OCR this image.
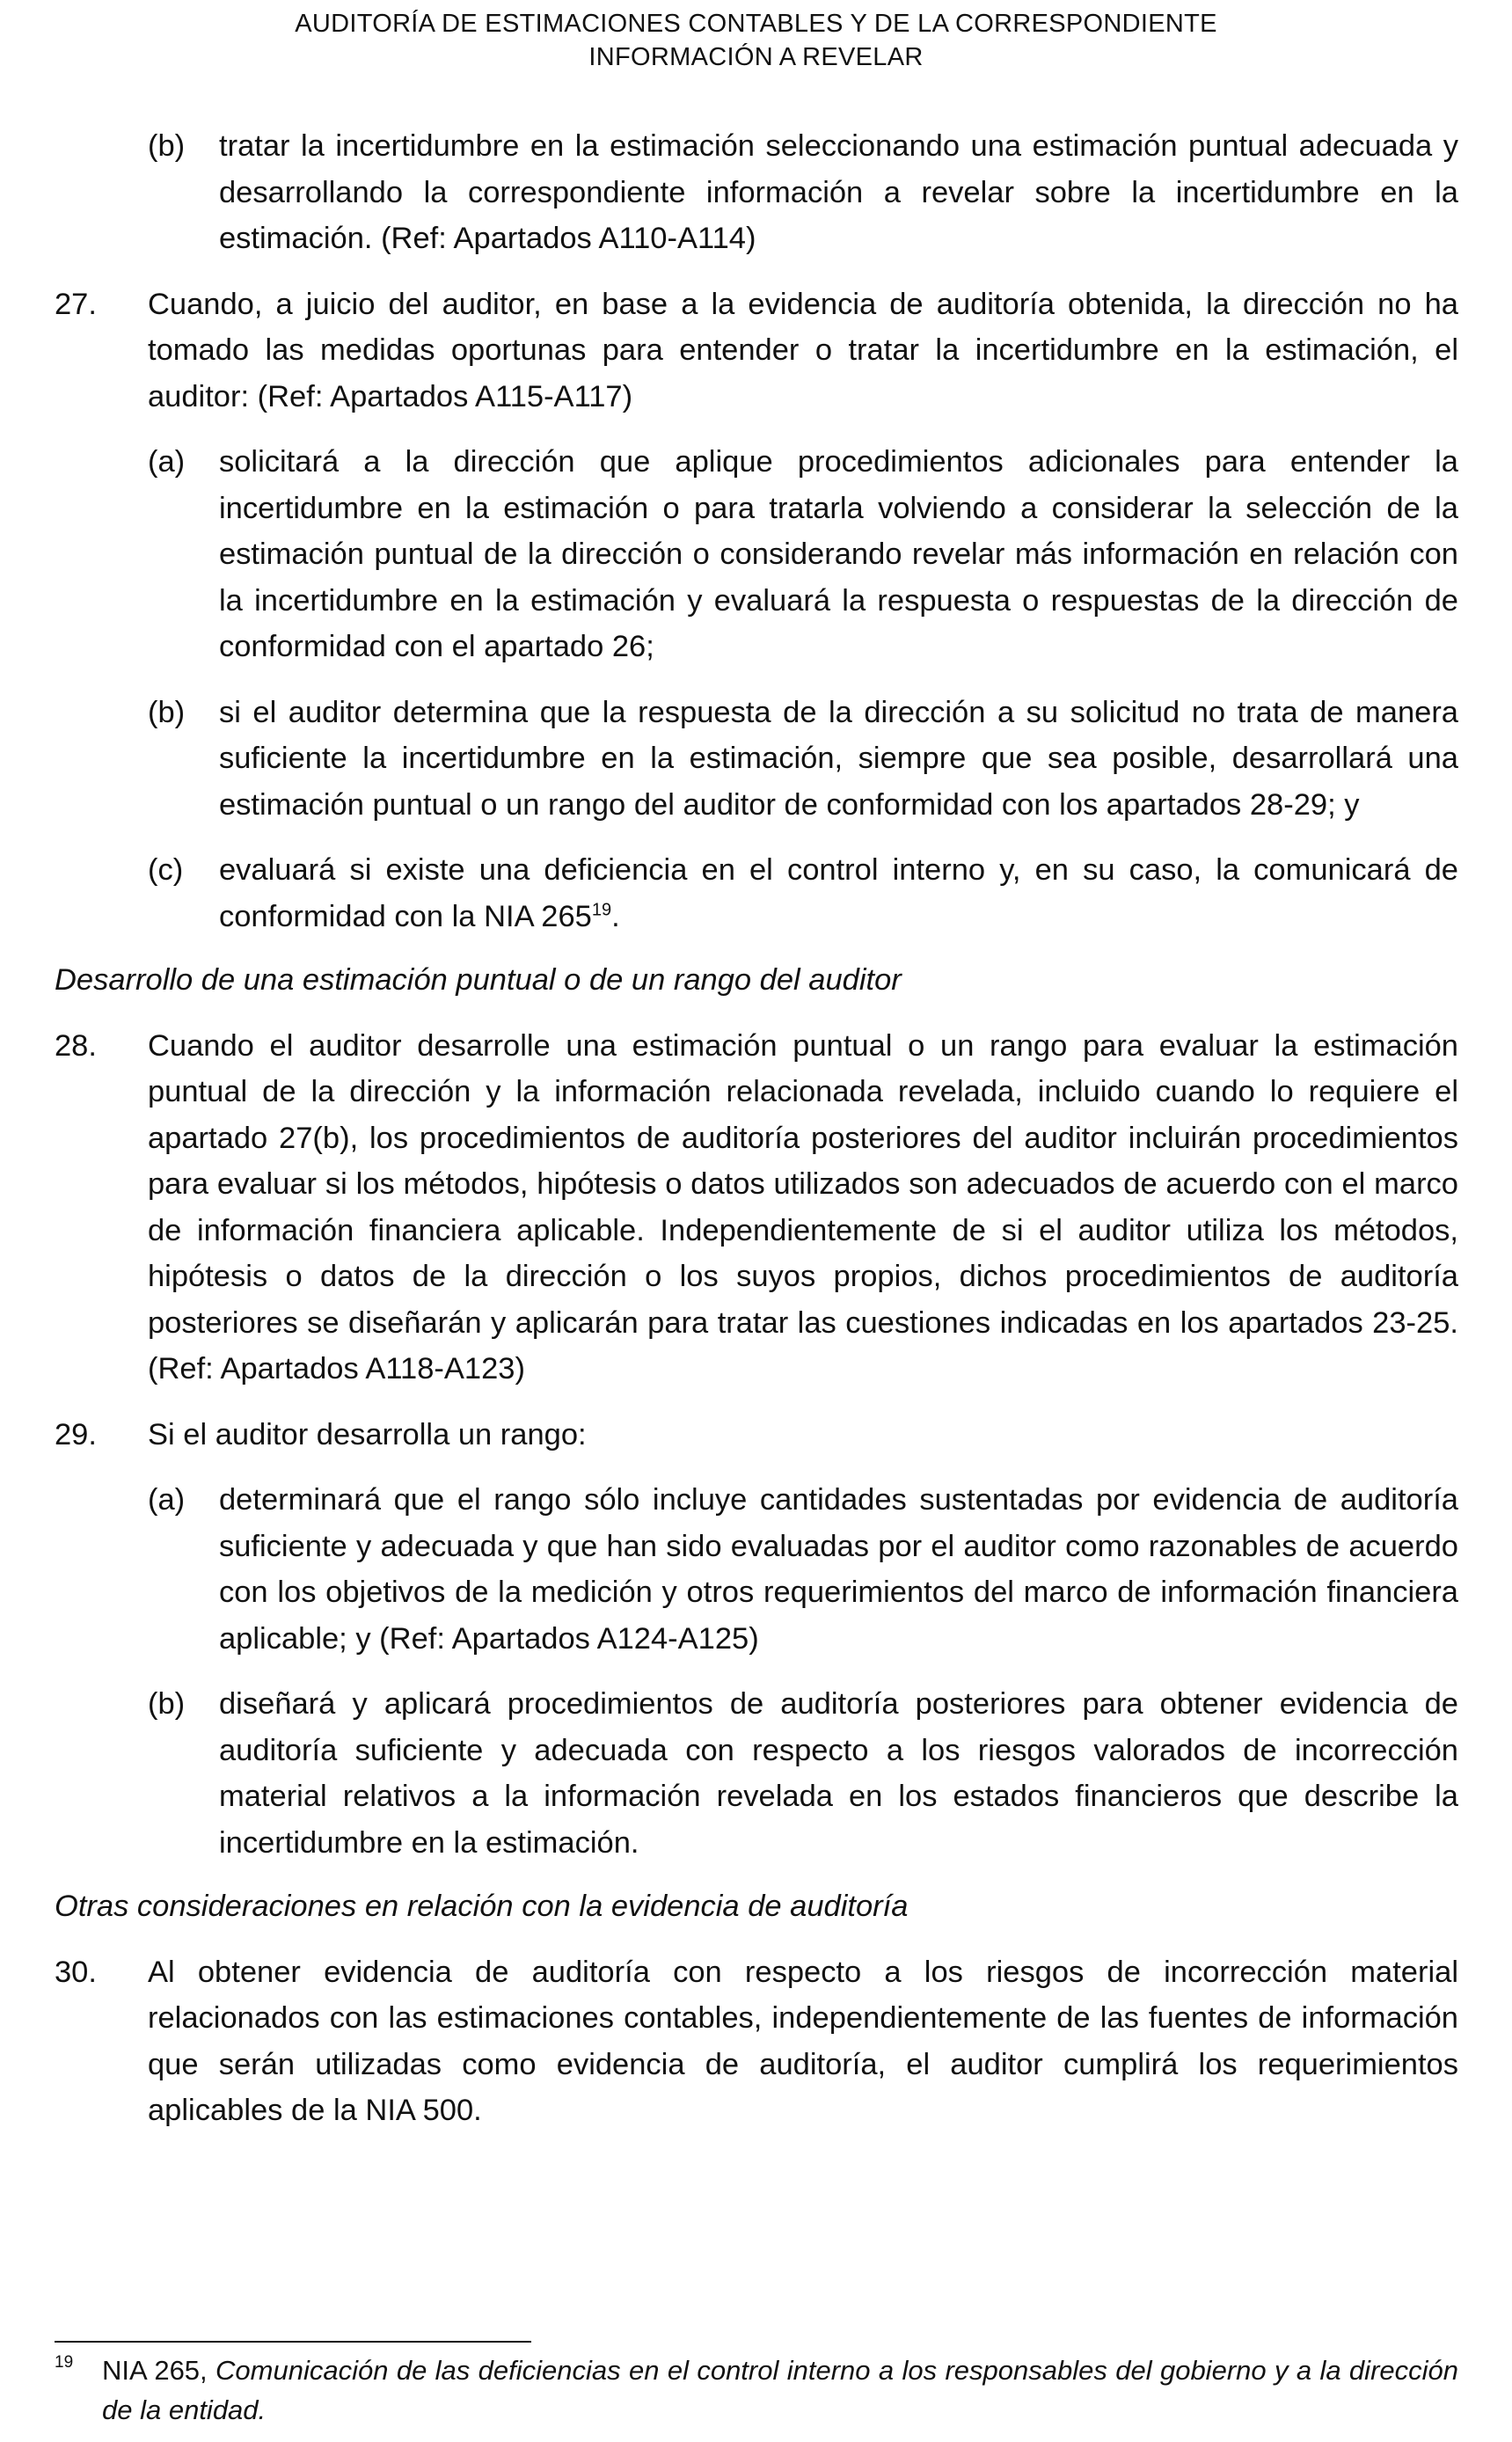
AUDITORÍA DE ESTIMACIONES CONTABLES Y DE LA CORRESPONDIENTE
INFORMACIÓN A REVELAR
(b)	tratar la incertidumbre en la estimación seleccionando una estimación puntual adecuada y desarrollando la correspondiente información a revelar sobre la incertidumbre en la estimación. (Ref: Apartados A110-A114)
27.	Cuando, a juicio del auditor, en base a la evidencia de auditoría obtenida, la dirección no ha tomado las medidas oportunas para entender o tratar la incertidumbre en la estimación, el auditor: (Ref: Apartados A115-A117)
(a)	solicitará a la dirección que aplique procedimientos adicionales para entender la incertidumbre en la estimación o para tratarla volviendo a considerar la selección de la estimación puntual de la dirección o considerando revelar más información en relación con la incertidumbre en la estimación y evaluará la respuesta o respuestas de la dirección de conformidad con el apartado 26;
(b)	si el auditor determina que la respuesta de la dirección a su solicitud no trata de manera suficiente la incertidumbre en la estimación, siempre que sea posible, desarrollará una estimación puntual o un rango del auditor de conformidad con los apartados 28-29; y
(c)	evaluará si existe una deficiencia en el control interno y, en su caso, la comunicará de conformidad con la NIA $265^{19}$.
Desarrollo de una estimación puntual o de un rango del auditor
28.	Cuando el auditor desarrolle una estimación puntual o un rango para evaluar la estimación puntual de la dirección y la información relacionada revelada, incluido cuando lo requiere el apartado 27(b), los procedimientos de auditoría posteriores del auditor incluirán procedimientos para evaluar si los métodos, hipótesis o datos utilizados son adecuados de acuerdo con el marco de información financiera aplicable. Independientemente de si el auditor utiliza los métodos, hipótesis o datos de la dirección o los suyos propios, dichos procedimientos de auditoría posteriores se diseñarán y aplicarán para tratar las cuestiones indicadas en los apartados 23-25. (Ref: Apartados A118-A123)
29.	Si el auditor desarrolla un rango:
(a)	determinará que el rango sólo incluye cantidades sustentadas por evidencia de auditoría suficiente y adecuada y que han sido evaluadas por el auditor como razonables de acuerdo con los objetivos de la medición y otros requerimientos del marco de información financiera aplicable; y (Ref: Apartados A124-A125)
(b)	diseñará y aplicará procedimientos de auditoría posteriores para obtener evidencia de auditoría suficiente y adecuada con respecto a los riesgos valorados de incorrección material relativos a la información revelada en los estados financieros que describe la incertidumbre en la estimación.
Otras consideraciones en relación con la evidencia de auditoría
30.	Al obtener evidencia de auditoría con respecto a los riesgos de incorrección material relacionados con las estimaciones contables, independientemente de las fuentes de información que serán utilizadas como evidencia de auditoría, el auditor cumplirá los requerimientos aplicables de la NIA 500.
19	NIA 265, Comunicación de las deficiencias en el control interno a los responsables del gobierno y a la dirección de la entidad.
